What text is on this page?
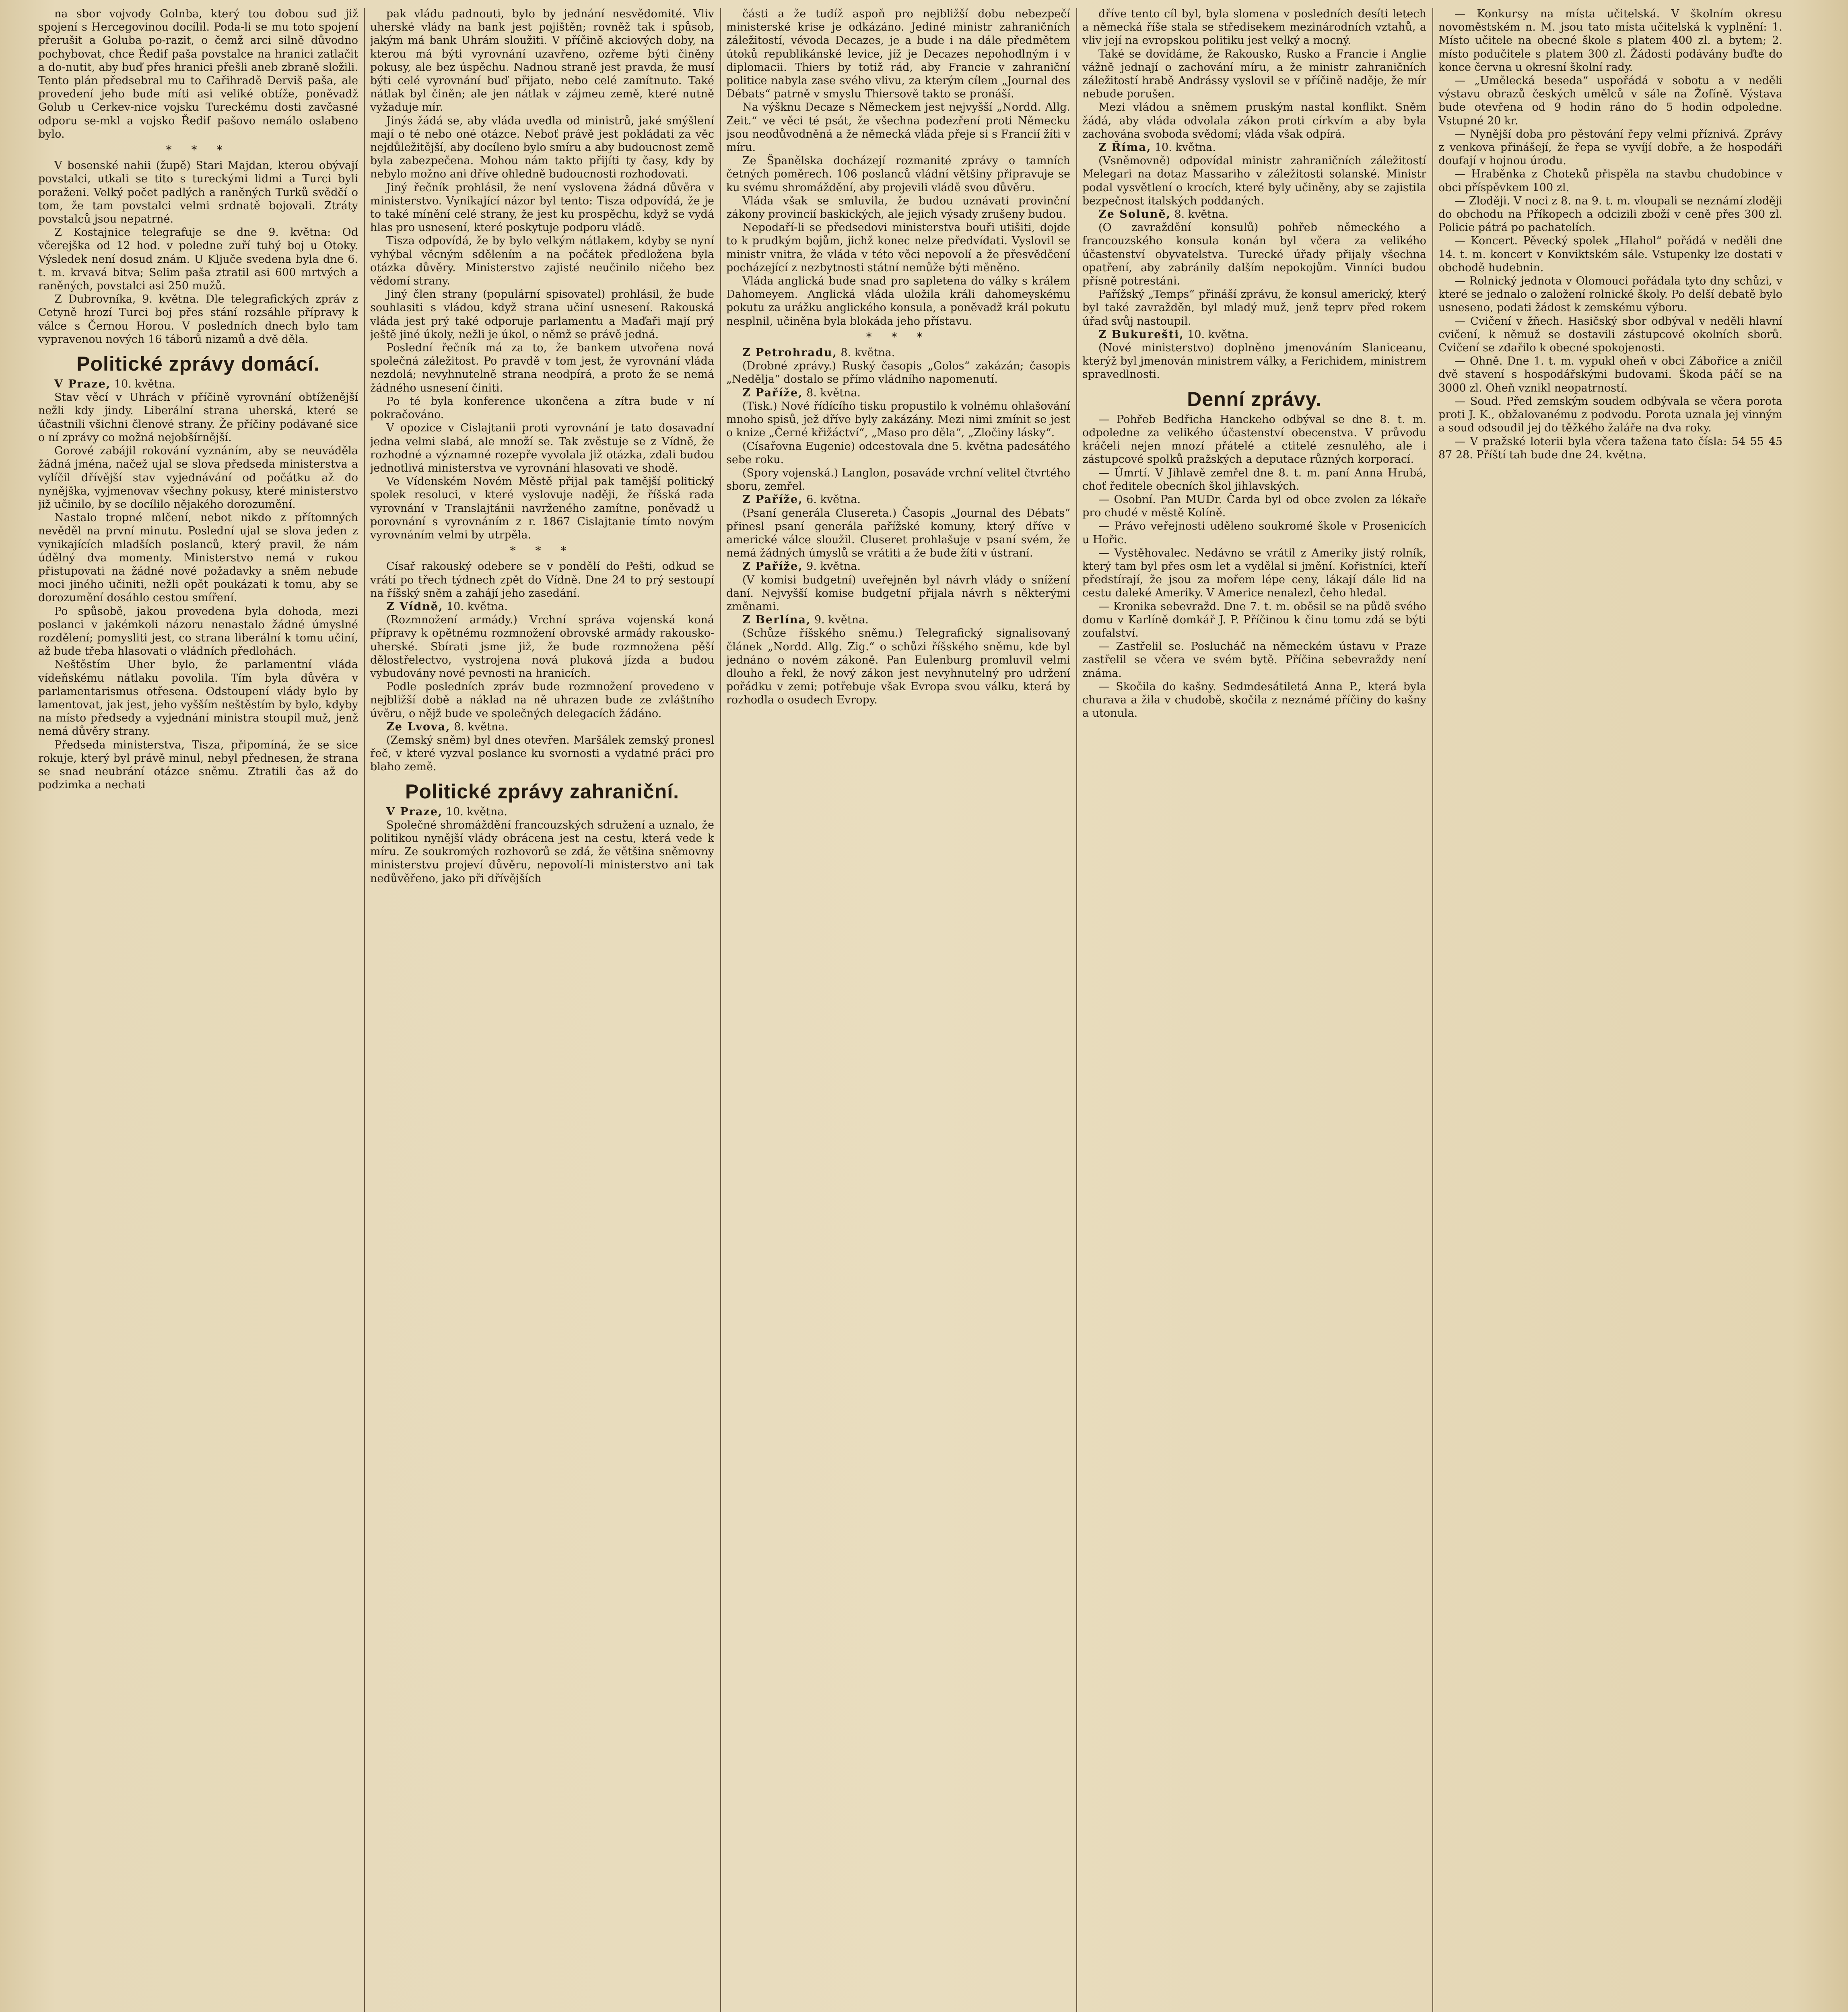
na sbor vojvody Golnba, který tou dobou sud již spojení s Hercegovinou docílil. Poda-li se mu toto spojení přerušit a Goluba po-razit, o čemž arci silně důvodno pochybovat, chce Ředif paša povstalce na hranici zatlačit a do-nutit, aby buď přes hranici přešli aneb zbraně složili. Tento plán předsebral mu to Cařihradě Derviš paša, ale provedení jeho bude míti asi veliké obtíže, poněvadž Golub u Cerkev-nice vojsku Tureckému dosti zavčasné odporu se-mkl a vojsko Ředif pašovo nemálo oslabeno bylo.

* * *

V bosenské nahii (župě) Stari Majdan, kterou obývají povstalci, utkali se tito s tureckými lidmi a Turci byli poraženi. Velký počet padlých a raněných Turků svědčí o tom, že tam povstalci velmi srdnatě bojovali. Ztráty povstalců jsou nepatrné.

Z Kostajnice telegrafuje se dne 9. května: Od včerejška od 12 hod. v poledne zuří tuhý boj u Otoky. Výsledek není dosud znám. U Ključe svedena byla dne 6. t. m. krvavá bitva; Selim paša ztratil asi 600 mrtvých a raněných, povstalci asi 250 mužů.

Z Dubrovníka, 9. května. Dle telegrafických zpráv z Cetyně hrozí Turci boj přes stání rozsáhle přípravy k válce s Černou Horou. V posledních dnech bylo tam vypravenou nových 16 táborů nizamů a dvě děla.

Politické zprávy domácí.

V Praze, 10. května.

Stav věcí v Uhrách v příčině vyrovnání obtíženější nežli kdy jindy. Liberální strana uherská, které se účastnili všichni členové strany. Že příčiny podávané sice o ní zprávy co možná nejobšírnější.

Gorové zabájil rokování vyznáním, aby se neuváděla žádná jména, načež ujal se slova předseda ministerstva a vylíčil dřívější stav vyjednávání od počátku až do nynějška, vyjmenovav všechny pokusy, které ministerstvo již učinilo, by se docílilo nějakého dorozumění.

Nastalo tropné mlčení, nebot nikdo z přítomných nevěděl na první minutu. Poslední ujal se slova jeden z vynikajících mladších poslanců, který pravil, že nám údělný dva momenty. Ministerstvo nemá v rukou přistupovati na žádné nové požadavky a sněm nebude moci jiného učiniti, nežli opět poukázati k tomu, aby se dorozumění dosáhlo cestou smíření.

Po spůsobě, jakou provedena byla dohoda, mezi poslanci v jakémkoli názoru nenastalo žádné úmyslné rozdělení; pomysliti jest, co strana liberální k tomu učiní, až bude třeba hlasovati o vládních předlohách.

Neštěstím Uher bylo, že parlamentní vláda vídeňskému nátlaku povolila. Tím byla důvěra v parlamentarismus otřesena. Odstoupení vlády bylo by lamentovat, jak jest, jeho vyšším neštěstím by bylo, kdyby na místo předsedy a vyjednání ministra stoupil muž, jenž nemá důvěry strany.

Předseda ministerstva, Tisza, připomíná, že se sice rokuje, který byl právě minul, nebyl přednesen, že strana se snad neubrání otázce sněmu. Ztratili čas až do podzimka a nechati

pak vládu padnouti, bylo by jednání nesvědomité. Vliv uherské vlády na bank jest pojištěn; rovněž tak i spůsob, jakým má bank Uhrám sloužiti. V příčině akciových doby, na kterou má býti vyrovnání uzavřeno, ozřeme býti činěny pokusy, ale bez úspěchu. Nadnou straně jest pravda, že musí býti celé vyrovnání buď přijato, nebo celé zamítnuto. Také nátlak byl činěn; ale jen nátlak v zájmeu země, které nutně vyžaduje mír.

Jinýs žádá se, aby vláda uvedla od ministrů, jaké smýšlení mají o té nebo oné otázce. Neboť právě jest pokládati za věc nejdůležitější, aby docíleno bylo smíru a aby budoucnost země byla zabezpečena. Mohou nám takto přijíti ty časy, kdy by nebylo možno ani dříve ohledně budoucnosti rozhodovati.

Jiný řečník prohlásil, že není vyslovena žádná důvěra v ministerstvo. Vynikající názor byl tento: Tisza odpovídá, že je to také mínění celé strany, že jest ku prospěchu, když se vydá hlas pro usnesení, které poskytuje podporu vládě.

Tisza odpovídá, že by bylo velkým nátlakem, kdyby se nyní vyhýbal věcným sdělením a na počátek předložena byla otázka důvěry. Ministerstvo zajisté neučinilo ničeho bez vědomí strany.

Jiný člen strany (populární spisovatel) prohlásil, že bude souhlasiti s vládou, když strana učiní usnesení. Rakouská vláda jest prý také odporuje parlamentu a Maďaři mají prý ještě jiné úkoly, nežli je úkol, o němž se právě jedná.

Poslední řečník má za to, že bankem utvořena nová společná záležitost. Po pravdě v tom jest, že vyrovnání vláda nezdolá; nevyhnutelně strana neodpírá, a proto že se nemá žádného usnesení činiti.

Po té byla konference ukončena a zítra bude v ní pokračováno.

V opozice v Cislajtanii proti vyrovnání je tato dosavadní jedna velmi slabá, ale množí se. Tak zvěstuje se z Vídně, že rozhodné a významné rozepře vyvolala již otázka, zdali budou jednotlivá ministerstva ve vyrovnání hlasovati ve shodě.

Ve Vídenském Novém Městě přijal pak tamější politický spolek resoluci, v které vyslovuje naději, že říšská rada vyrovnání v Translajtánii navrženého zamítne, poněvadž u porovnání s vyrovnáním z r. 1867 Cislajtanie tímto novým vyrovnáním velmi by utrpěla.

* * *

Císař rakouský odebere se v pondělí do Pešti, odkud se vrátí po třech týdnech zpět do Vídně. Dne 24 to prý sestoupí na říšský sněm a zahájí jeho zasedání.

Z Vídně, 10. května.

(Rozmnožení armády.) Vrchní správa vojenská koná přípravy k opětnému rozmnožení obrovské armády rakousko-uherské. Sbírati jsme již, že bude rozmnožena pěší dělostřelectvo, vystrojena nová pluková jízda a budou vybudovány nové pevnosti na hranicích.

Podle posledních zpráv bude rozmnožení provedeno v nejbližší době a náklad na ně uhrazen bude ze zvláštního úvěru, o nějž bude ve společných delegacích žádáno.

Ze Lvova, 8. května.

(Zemský sněm) byl dnes otevřen. Maršálek zemský pronesl řeč, v které vyzval poslance ku svornosti a vydatné práci pro blaho země.

Politické zprávy zahraniční.

V Praze, 10. května.

Společné shromáždění francouzských sdružení a uznalo, že politikou nynější vlády obrácena jest na cestu, která vede k míru. Ze soukromých rozhovorů se zdá, že většina sněmovny ministerstvu projeví důvěru, nepovolí-li ministerstvo ani tak nedůvěřeno, jako při dřívějších

části a že tudíž aspoň pro nejbližší dobu nebezpečí ministerské krise je odkázáno. Jediné ministr zahraničních záležitostí, vévoda Decazes, je a bude i na dále předmětem útoků republikánské levice, jíž je Decazes nepohodlným i v diplomacii. Thiers by totiž rád, aby Francie v zahraniční politice nabyla zase svého vlivu, za kterým cílem „Journal des Débats“ patrně v smyslu Thiersově takto se pronáší.

Na výšknu Decaze s Německem jest nejvyšší „Nordd. Allg. Zeit.“ ve věci té psát, že všechna podezření proti Německu jsou neodůvodněná a že německá vláda přeje si s Francií žíti v míru.

Ze Španělska docházejí rozmanité zprávy o tamních četných poměrech. 106 poslanců vládní většiny připravuje se ku svému shromáždění, aby projevili vládě svou důvěru.

Vláda však se smluvila, že budou uznávati provinční zákony provincií baskických, ale jejich výsady zrušeny budou.

Nepodaří-li se předsedovi ministerstva bouři utišiti, dojde to k prudkým bojům, jichž konec nelze předvídati. Vyslovil se ministr vnitra, že vláda v této věci nepovolí a že přesvědčení pocházející z nezbytnosti státní nemůže býti měněno.

Vláda anglická bude snad pro sapletena do války s králem Dahomeyem. Anglická vláda uložila králi dahomeyskému pokutu za urážku anglického konsula, a poněvadž král pokutu nesplnil, učiněna byla blokáda jeho přístavu.

* * *

Z Petrohradu, 8. května.

(Drobné zprávy.) Ruský časopis „Golos“ zakázán; časopis „Nedělja“ dostalo se přímo vládního napomenutí.

Z Paříže, 8. května.

(Tisk.) Nové řídícího tisku propustilo k volnému ohlašování mnoho spisů, jež dříve byly zakázány. Mezi nimi zmínit se jest o knize „Černé křižáctví“, „Maso pro děla“, „Zločiny lásky“.

(Císařovna Eugenie) odcestovala dne 5. května padesátého sebe roku.

(Spory vojenská.) Langlon, posaváde vrchní velitel čtvrtého sboru, zemřel.

Z Paříže, 6. května.

(Psaní generála Clusereta.) Časopis „Journal des Débats“ přinesl psaní generála pařížské komuny, který dříve v americké válce sloužil. Cluseret prohlašuje v psaní svém, že nemá žádných úmyslů se vrátiti a že bude žíti v ústraní.

Z Paříže, 9. května.

(V komisi budgetní) uveřejněn byl návrh vlády o snížení daní. Nejvyšší komise budgetní přijala návrh s některými změnami.

Z Berlína, 9. května.

(Schůze říšského sněmu.) Telegrafický signalisovaný článek „Nordd. Allg. Zig.“ o schůzi říšského sněmu, kde byl jednáno o novém zákoně. Pan Eulenburg promluvil velmi dlouho a řekl, že nový zákon jest nevyhnutelný pro udržení pořádku v zemi; potřebuje však Evropa svou válku, která by rozhodla o osudech Evropy.

dříve tento cíl byl, byla slomena v posledních desíti letech a německá říše stala se středisekem mezinárodních vztahů, a vliv její na evropskou politiku jest velký a mocný.

Také se dovídáme, že Rakousko, Rusko a Francie i Anglie vážně jednají o zachování míru, a že ministr zahraničních záležitostí hrabě Andrássy vyslovil se v příčině naděje, že mír nebude porušen.

Mezi vládou a sněmem pruským nastal konflikt. Sněm žádá, aby vláda odvolala zákon proti církvím a aby byla zachována svoboda svědomí; vláda však odpírá.

Z Říma, 10. května.

(Vsněmovně) odpovídal ministr zahraničních záležitostí Melegari na dotaz Massariho v záležitosti solanské. Ministr podal vysvětlení o krocích, které byly učiněny, aby se zajistila bezpečnost italských poddaných.

Ze Soluně, 8. května.

(O zavraždění konsulů) pohřeb německého a francouzského konsula konán byl včera za velikého účastenství obyvatelstva. Turecké úřady přijaly všechna opatření, aby zabránily dalším nepokojům. Vinníci budou přísně potrestáni.

Pařížský „Temps“ přináší zprávu, že konsul americký, který byl také zavražděn, byl mladý muž, jenž teprv před rokem úřad svůj nastoupil.

Z Bukurešti, 10. května.

(Nové ministerstvo) doplněno jmenováním Slaniceanu, kterýž byl jmenován ministrem války, a Ferichidem, ministrem spravedlnosti.

Denní zprávy.

— Pohřeb Bedřicha Hanckeho odbýval se dne 8. t. m. odpoledne za velikého účastenství obecenstva. V průvodu kráčeli nejen mnozí přátelé a ctitelé zesnulého, ale i zástupcové spolků pražských a deputace různých korporací.

— Úmrtí. V Jihlavě zemřel dne 8. t. m. paní Anna Hrubá, choť ředitele obecních škol jihlavských.

— Osobní. Pan MUDr. Čarda byl od obce zvolen za lékaře pro chudé v městě Kolíně.

— Právo veřejnosti uděleno soukromé škole v Prosenicích u Hořic.

— Vystěhovalec. Nedávno se vrátil z Ameriky jistý rolník, který tam byl přes osm let a vydělal si jmění. Kořistníci, kteří předstírají, že jsou za mořem lépe ceny, lákají dále lid na cestu daleké Ameriky. V Americe nenalezl, čeho hledal.

— Kronika sebevražd. Dne 7. t. m. oběsil se na půdě svého domu v Karlíně domkář J. P. Příčinou k činu tomu zdá se býti zoufalství.

— Zastřelil se. Poslucháč na německém ústavu v Praze zastřelil se včera ve svém bytě. Příčina sebevraždy není známa.

— Skočila do kašny. Sedmdesátiletá Anna P., která byla churava a žila v chudobě, skočila z neznámé příčiny do kašny a utonula.

— Konkursy na místa učitelská. V školním okresu novoměstském n. M. jsou tato místa učitelská k vyplnění: 1. Místo učitele na obecné škole s platem 400 zl. a bytem; 2. místo podučitele s platem 300 zl. Žádosti podávány buďte do konce června u okresní školní rady.

— „Umělecká beseda“ uspořádá v sobotu a v neděli výstavu obrazů českých umělců v sále na Žofíně. Výstava bude otevřena od 9 hodin ráno do 5 hodin odpoledne. Vstupné 20 kr.

— Nynější doba pro pěstování řepy velmi příznivá. Zprávy z venkova přinášejí, že řepa se vyvíjí dobře, a že hospodáři doufají v hojnou úrodu.

— Hraběnka z Choteků přispěla na stavbu chudobince v obci příspěvkem 100 zl.

— Zloději. V noci z 8. na 9. t. m. vloupali se neznámí zloději do obchodu na Příkopech a odcizili zboží v ceně přes 300 zl. Policie pátrá po pachatelích.

— Koncert. Pěvecký spolek „Hlahol“ pořádá v neděli dne 14. t. m. koncert v Konviktském sále. Vstupenky lze dostati v obchodě hudebnin.

— Rolnický jednota v Olomouci pořádala tyto dny schůzi, v které se jednalo o založení rolnické školy. Po delší debatě bylo usneseno, podati žádost k zemskému výboru.

— Cvičení v žňech. Hasičský sbor odbýval v neděli hlavní cvičení, k němuž se dostavili zástupcové okolních sborů. Cvičení se zdařilo k obecné spokojenosti.

— Ohně. Dne 1. t. m. vypukl oheň v obci Zábořice a zničil dvě stavení s hospodářskými budovami. Škoda páčí se na 3000 zl. Oheň vznikl neopatrností.

— Soud. Před zemským soudem odbývala se včera porota proti J. K., obžalovanému z podvodu. Porota uznala jej vinným a soud odsoudil jej do těžkého žaláře na dva roky.

— V pražské loterii byla včera tažena tato čísla: 54 55 45 87 28. Příští tah bude dne 24. května.
